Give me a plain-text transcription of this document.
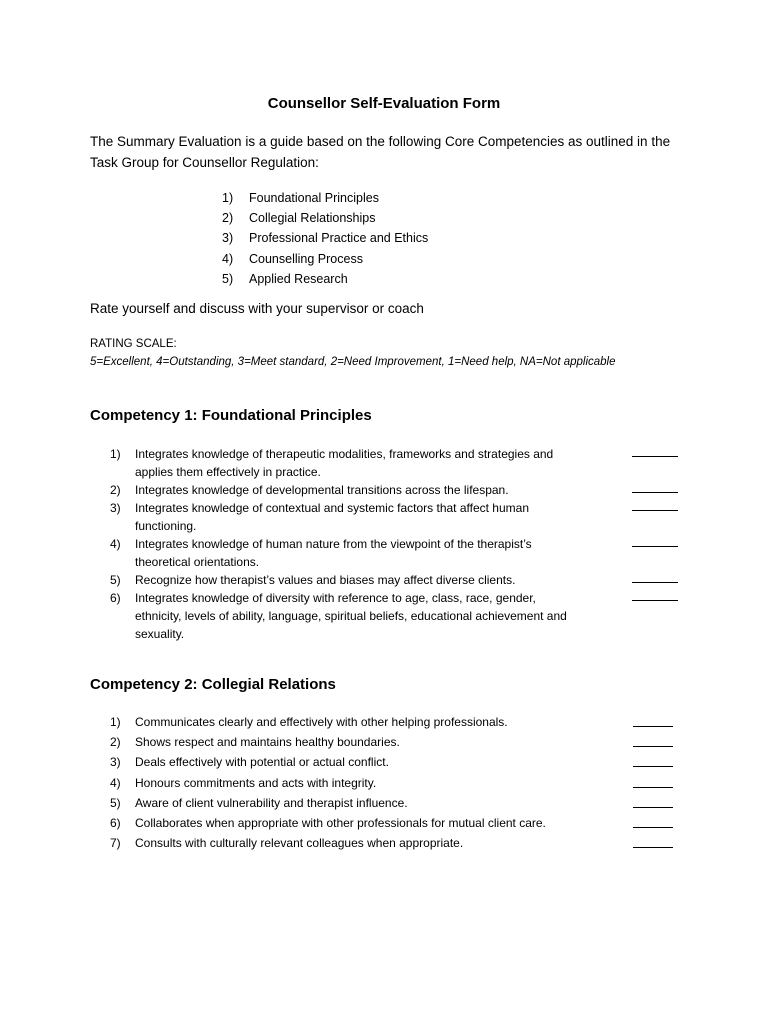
Counsellor Self-Evaluation Form
The Summary Evaluation is a guide based on the following Core Competencies as outlined in the Task Group for Counsellor Regulation:
1)	Foundational Principles
2)	Collegial Relationships
3)	Professional Practice and Ethics
4)	Counselling Process
5)	Applied Research
Rate yourself and discuss with your supervisor or coach
RATING SCALE:
5=Excellent, 4=Outstanding, 3=Meet standard, 2=Need Improvement, 1=Need help, NA=Not applicable
Competency 1: Foundational Principles
1)	Integrates knowledge of therapeutic modalities, frameworks and strategies and applies them effectively in practice.
2)	Integrates knowledge of developmental transitions across the lifespan.
3)	Integrates knowledge of contextual and systemic factors that affect human functioning.
4)	Integrates knowledge of human nature from the viewpoint of the therapist’s theoretical orientations.
5)	Recognize how therapist’s values and biases may affect diverse clients.
6)	Integrates knowledge of diversity with reference to age, class, race, gender, ethnicity, levels of ability, language, spiritual beliefs, educational achievement and sexuality.
Competency 2: Collegial Relations
1)	Communicates clearly and effectively with other helping professionals.
2)	Shows respect and maintains healthy boundaries.
3)	Deals effectively with potential or actual conflict.
4)	Honours commitments and acts with integrity.
5)	Aware of client vulnerability and therapist influence.
6)	Collaborates when appropriate with other professionals for mutual client care.
7)	Consults with culturally relevant colleagues when appropriate.
